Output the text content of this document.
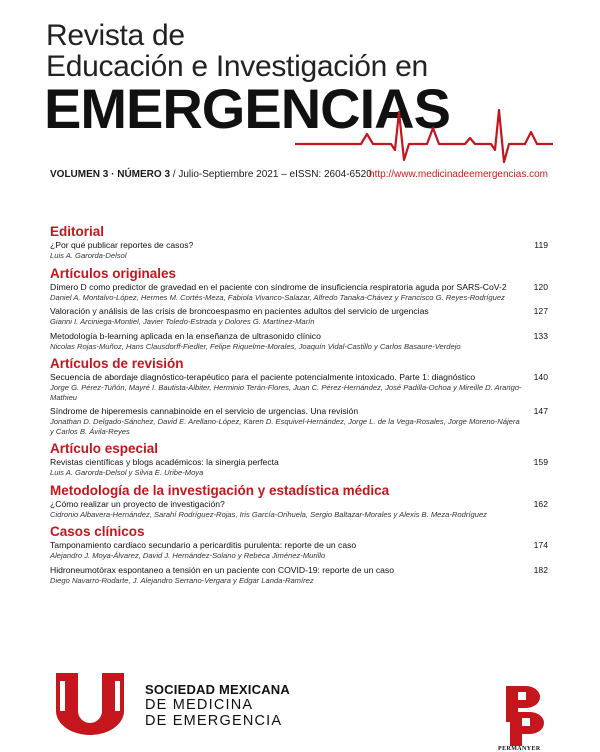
Revista de
Educación e Investigación en
EMERGENCIAS
VOLUMEN 3 · NÚMERO 3 / Julio-Septiembre 2021 – eISSN: 2604-6520
http://www.medicinadeemergencias.com
Editorial
¿Por qué publicar reportes de casos?
Luis A. Garorda-Delsol
119
Artículos originales
Dímero D como predictor de gravedad en el paciente con síndrome de insuficiencia respiratoria aguda por SARS-CoV-2
Daniel A. Montalvo-López, Hermes M. Cortés-Meza, Fabiola Vivanco-Salazar, Alfredo Tanaka-Chávez y Francisco G. Reyes-Rodríguez
120
Valoración y análisis de las crisis de broncoespasmo en pacientes adultos del servicio de urgencias
Gianni I. Arciniega-Montiel, Javier Toledo-Estrada y Dolores G. Martínez-Marín
127
Metodología b-learning aplicada en la enseñanza de ultrasonido clínico
Nicolas Rojas-Muñoz, Hans Clausdorff-Fiedler, Felipe Riquelme-Morales, Joaquín Vidal-Castillo y Carlos Basaure-Verdejo
133
Artículos de revisión
Secuencia de abordaje diagnóstico-terapéutico para el paciente potencialmente intoxicado. Parte 1: diagnóstico
Jorge G. Pérez-Tuñón, Mayré I. Bautista-Albiter, Herminio Terán-Flores, Juan C. Pérez-Hernández, José Padilla-Ochoa y Mireille D. Arango-Mathieu
140
Síndrome de hiperemesis cannabinoide en el servicio de urgencias. Una revisión
Jonathan D. Delgado-Sánchez, David E. Arellano-López, Karen D. Esquivel-Hernández, Jorge L. de la Vega-Rosales, Jorge Moreno-Nájera y Carlos B. Ávila-Reyes
147
Artículo especial
Revistas científicas y blogs académicos: la sinergia perfecta
Luis A. Garorda-Delsol y Silvia E. Uribe-Moya
159
Metodología de la investigación y estadística médica
¿Cómo realizar un proyecto de investigación?
Cidronio Albavera-Hernández, Sarahí Rodríguez-Rojas, Iris García-Orihuela, Sergio Baltazar-Morales y Alexis B. Meza-Rodríguez
162
Casos clínicos
Tamponamiento cardiaco secundario a pericarditis purulenta: reporte de un caso
Alejandro J. Moya-Álvarez, David J. Hernández-Solano y Rebeca Jiménez-Murillo
174
Hidroneumotórax espontaneo a tensión en un paciente con COVID-19: reporte de un caso
Diego Navarro-Rodarte, J. Alejandro Serrano-Vergara y Edgar Landa-Ramírez
182
SOCIEDAD MEXICANA
DE MEDICINA
DE EMERGENCIA
PERMANYER
